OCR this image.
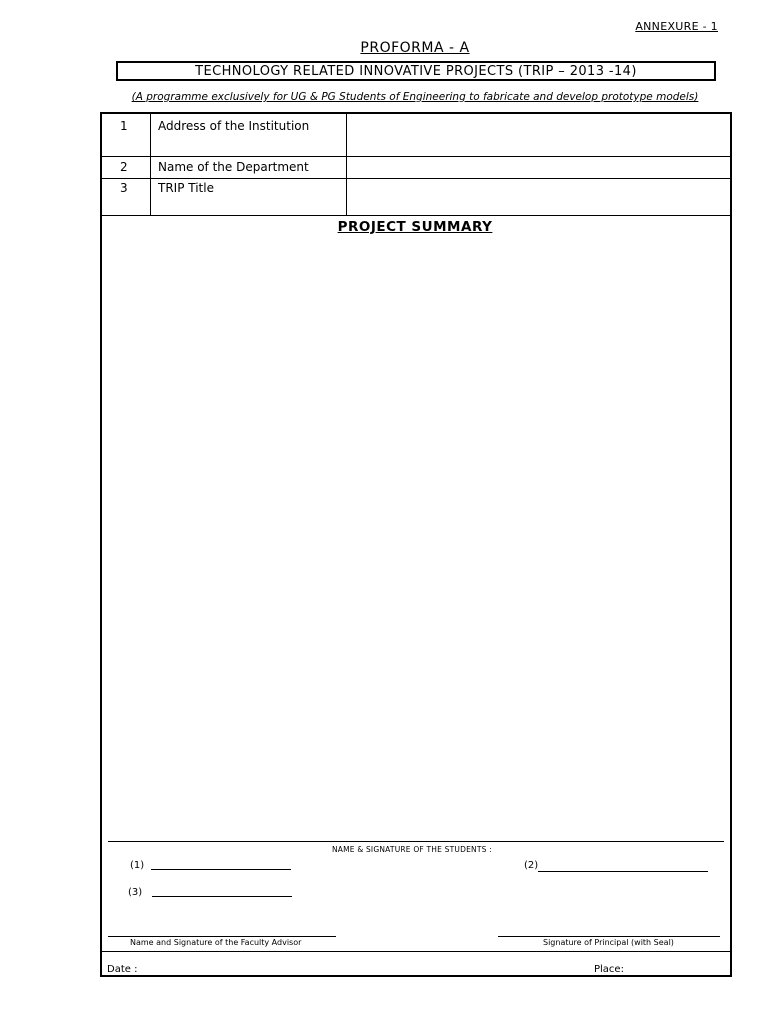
ANNEXURE - 1
PROFORMA - A
TECHNOLOGY RELATED INNOVATIVE PROJECTS (TRIP – 2013 -14)
(A programme exclusively for UG & PG Students of Engineering to fabricate and develop prototype models)
1	Address of the Institution
2	Name of the Department
3	TRIP Title
PROJECT SUMMARY
NAME & SIGNATURE OF THE STUDENTS :
(1)	(2)
(3)
Name and Signature of the Faculty Advisor	Signature of Principal (with Seal)
Date :	Place:
